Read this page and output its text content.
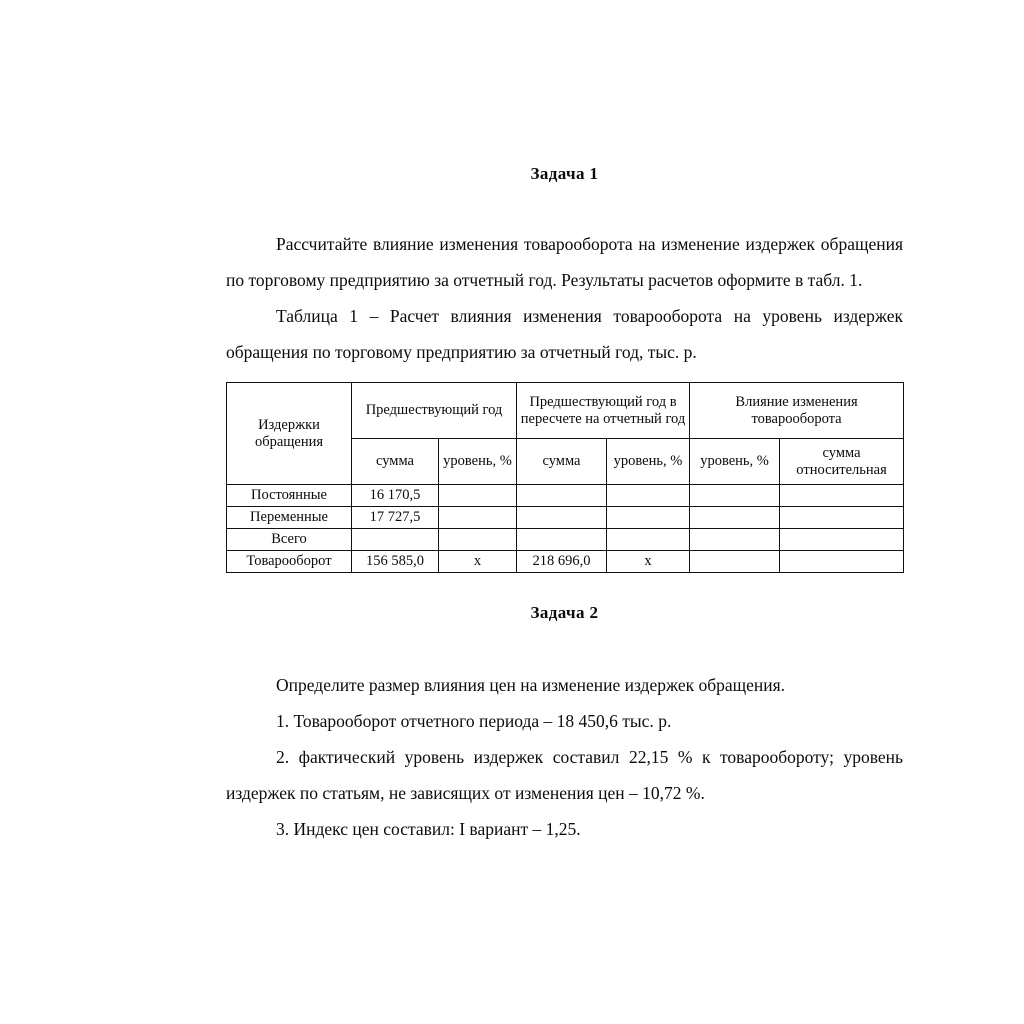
Задача 1

Рассчитайте влияние изменения товарооборота на изменение издержек обращения по торговому предприятию за отчетный год. Результаты расчетов оформите в табл. 1.

Таблица 1 – Расчет влияния изменения товарооборота на уровень издержек обращения по торговому предприятию за отчетный год, тыс. р.

Издержки обращения	Предшествующий год		Предшествующий год в пересчете на отчетный год		Влияние изменения товарооборота	
	сумма	уровень, %	сумма	уровень, %	уровень, %	сумма относительная
Постоянные	16 170,5					
Переменные	17 727,5					
Всего						
Товарооборот	156 585,0	х	218 696,0	х		
Задача 2

Определите размер влияния цен на изменение издержек обращения.

1. Товарооборот отчетного периода – 18 450,6 тыс. р.

2. фактический уровень издержек составил 22,15 % к товарообороту; уровень издержек по статьям, не зависящих от изменения цен – 10,72 %.

3. Индекс цен составил: I вариант – 1,25.
